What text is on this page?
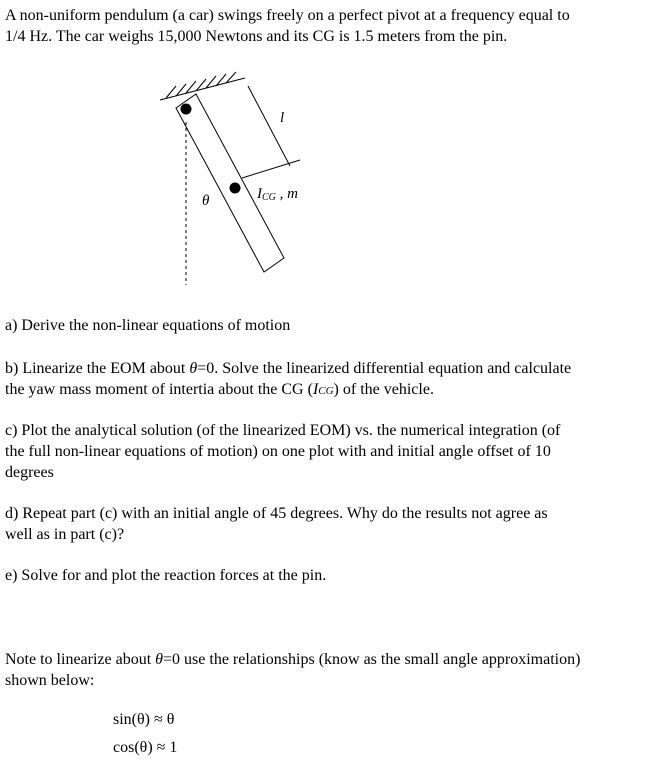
A non-uniform pendulum (a car) swings freely on a perfect pivot at a frequency equal to

1/4 Hz. The car weighs 15,000 Newtons and its CG is 1.5 meters from the pin.

l
θ	ICG , m

a) Derive the non-linear equations of motion

b) Linearize the EOM about θ=0. Solve the linearized differential equation and calculate

the yaw mass moment of intertia about the CG (ICG) of the vehicle.

c) Plot the analytical solution (of the linearized EOM) vs. the numerical integration (of

the full non-linear equations of motion) on one plot with and initial angle offset of 10

degrees

d) Repeat part (c) with an initial angle of 45 degrees. Why do the results not agree as

well as in part (c)?

e) Solve for and plot the reaction forces at the pin.

Note to linearize about θ=0 use the relationships (know as the small angle approximation)

shown below:

sin(θ) ≈ θ
cos(θ) ≈ 1
